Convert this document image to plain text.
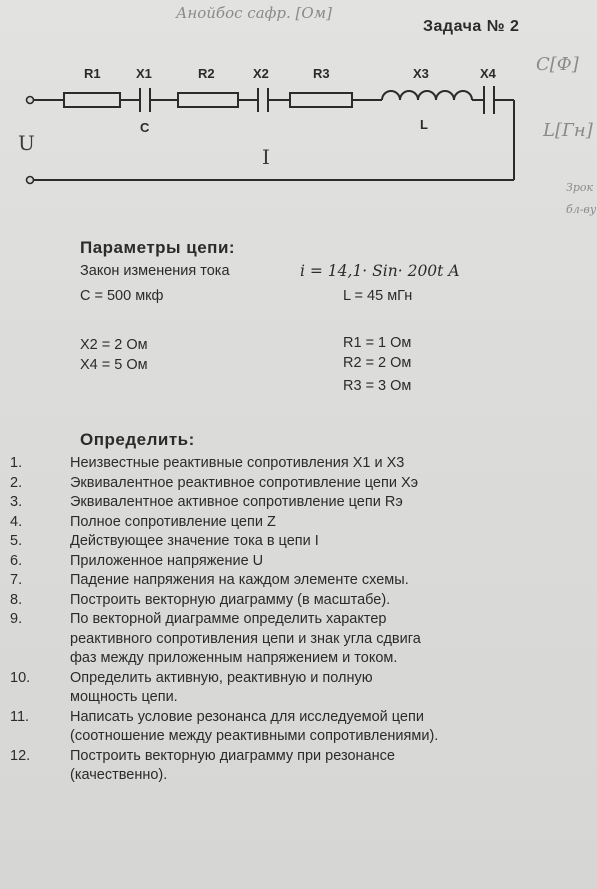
Анойбос сафр. [Ом]
Задача № 2
С[Ф]
L[Гн]
Зрок
бл-ву
R1	X1
C
R2	X2	R3	X3
L
X4
U
I
Параметры цепи:
Закон изменения тока	i = 14,1· Sin· 200t A
C = 500 мкф	L = 45 мГн
X2 = 2 Ом
X4 = 5 Ом
R1 = 1 Ом
R2 = 2 Ом
R3 = 3 Ом
Определить:
1.	Неизвестные реактивные сопротивления X1 и X3
2.	Эквивалентное реактивное сопротивление цепи Xэ
3.	Эквивалентное активное сопротивление цепи Rэ
4.	Полное сопротивление цепи Z
5.	Действующее значение тока в цепи I
6.	Приложенное напряжение U
7.	Падение напряжения на каждом элементе схемы.
8.	Построить векторную диаграмму (в масштабе).
9.	По векторной диаграмме определить характер
реактивного сопротивления цепи и знак угла сдвига
фаз между приложенным напряжением и током.
10.	Определить активную, реактивную и полную
мощность цепи.
11.	Написать условие резонанса для исследуемой цепи
(соотношение между реактивными сопротивлениями).
12.	Построить векторную диаграмму при резонансе
(качественно).
